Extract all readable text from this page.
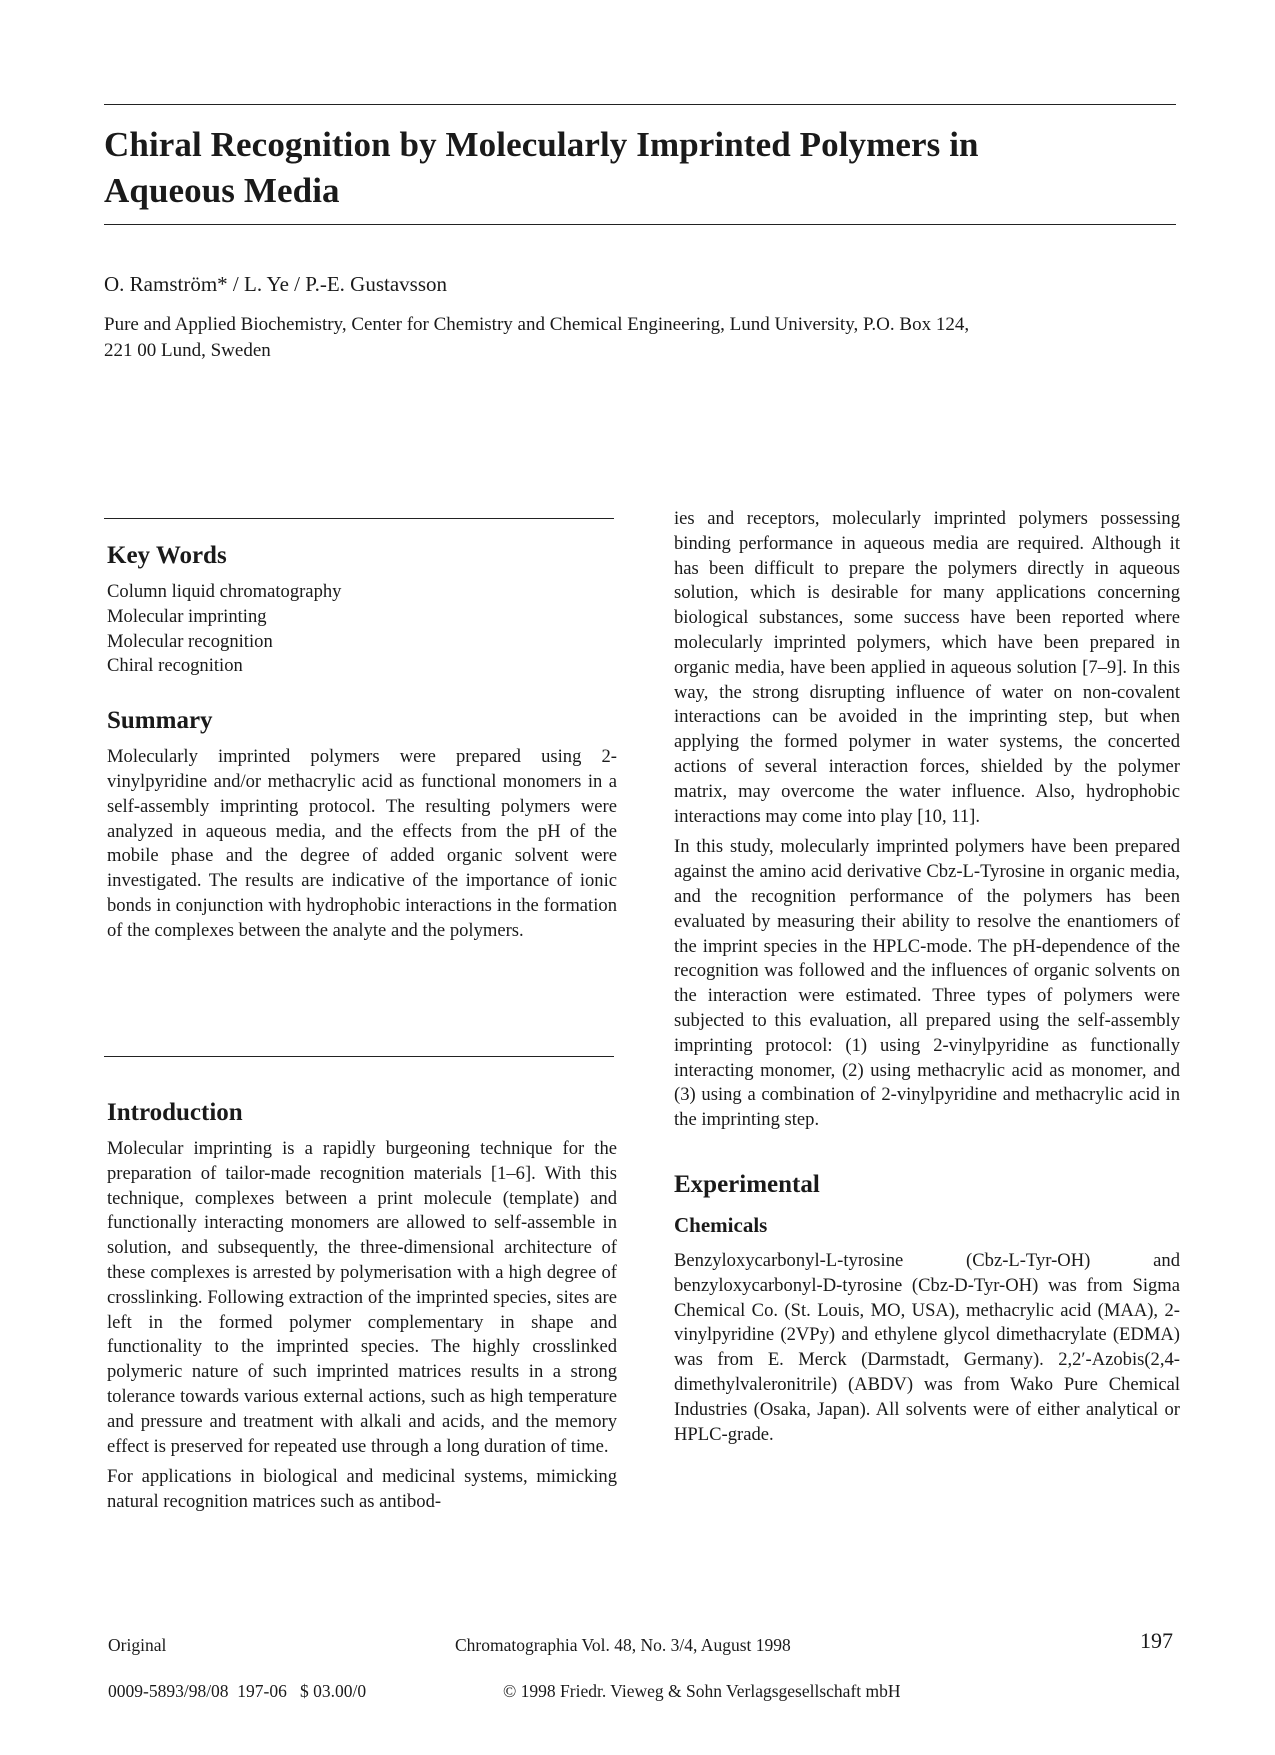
Chiral Recognition by Molecularly Imprinted Polymers in
Aqueous Media

O. Ramström* / L. Ye / P.-E. Gustavsson

Pure and Applied Biochemistry, Center for Chemistry and Chemical Engineering, Lund University, P.O. Box 124,
221 00 Lund, Sweden

Key Words
Column liquid chromatography
Molecular imprinting
Molecular recognition
Chiral recognition
Summary

Molecularly imprinted polymers were prepared using 2-vinylpyridine and/or methacrylic acid as functional monomers in a self-assembly imprinting protocol. The resulting polymers were analyzed in aqueous media, and the effects from the pH of the mobile phase and the degree of added organic solvent were investigated. The results are indicative of the importance of ionic bonds in conjunction with hydrophobic interactions in the formation of the complexes between the analyte and the polymers.

Introduction

Molecular imprinting is a rapidly burgeoning technique for the preparation of tailor-made recognition materials [1–6]. With this technique, complexes between a print molecule (template) and functionally interacting monomers are allowed to self-assemble in solution, and subsequently, the three-dimensional architecture of these complexes is arrested by polymerisation with a high degree of crosslinking. Following extraction of the imprinted species, sites are left in the formed polymer complementary in shape and functionality to the imprinted species. The highly crosslinked polymeric nature of such imprinted matrices results in a strong tolerance towards various external actions, such as high temperature and pressure and treatment with alkali and acids, and the memory effect is preserved for repeated use through a long duration of time.

For applications in biological and medicinal systems, mimicking natural recognition matrices such as antibod-

ies and receptors, molecularly imprinted polymers possessing binding performance in aqueous media are required. Although it has been difficult to prepare the polymers directly in aqueous solution, which is desirable for many applications concerning biological substances, some success have been reported where molecularly imprinted polymers, which have been prepared in organic media, have been applied in aqueous solution [7–9]. In this way, the strong disrupting influence of water on non-covalent interactions can be avoided in the imprinting step, but when applying the formed polymer in water systems, the concerted actions of several interaction forces, shielded by the polymer matrix, may overcome the water influence. Also, hydrophobic interactions may come into play [10, 11].

In this study, molecularly imprinted polymers have been prepared against the amino acid derivative Cbz-L-Tyrosine in organic media, and the recognition performance of the polymers has been evaluated by measuring their ability to resolve the enantiomers of the imprint species in the HPLC-mode. The pH-dependence of the recognition was followed and the influences of organic solvents on the interaction were estimated. Three types of polymers were subjected to this evaluation, all prepared using the self-assembly imprinting protocol: (1) using 2-vinylpyridine as functionally interacting monomer, (2) using methacrylic acid as monomer, and (3) using a combination of 2-vinylpyridine and methacrylic acid in the imprinting step.

Experimental
Chemicals

Benzyloxycarbonyl-L-tyrosine (Cbz-L-Tyr-OH) and benzyloxycarbonyl-D-tyrosine (Cbz-D-Tyr-OH) was from Sigma Chemical Co. (St. Louis, MO, USA), methacrylic acid (MAA), 2-vinylpyridine (2VPy) and ethylene glycol dimethacrylate (EDMA) was from E. Merck (Darmstadt, Germany). 2,2′-Azobis(2,4-dimethylvaleronitrile) (ABDV) was from Wako Pure Chemical Industries (Osaka, Japan). All solvents were of either analytical or HPLC-grade.

Original	Chromatographia Vol. 48, No. 3/4, August 1998	197

0009-5893/98/08  197-06   $ 03.00/0	© 1998 Friedr. Vieweg & Sohn Verlagsgesellschaft mbH
